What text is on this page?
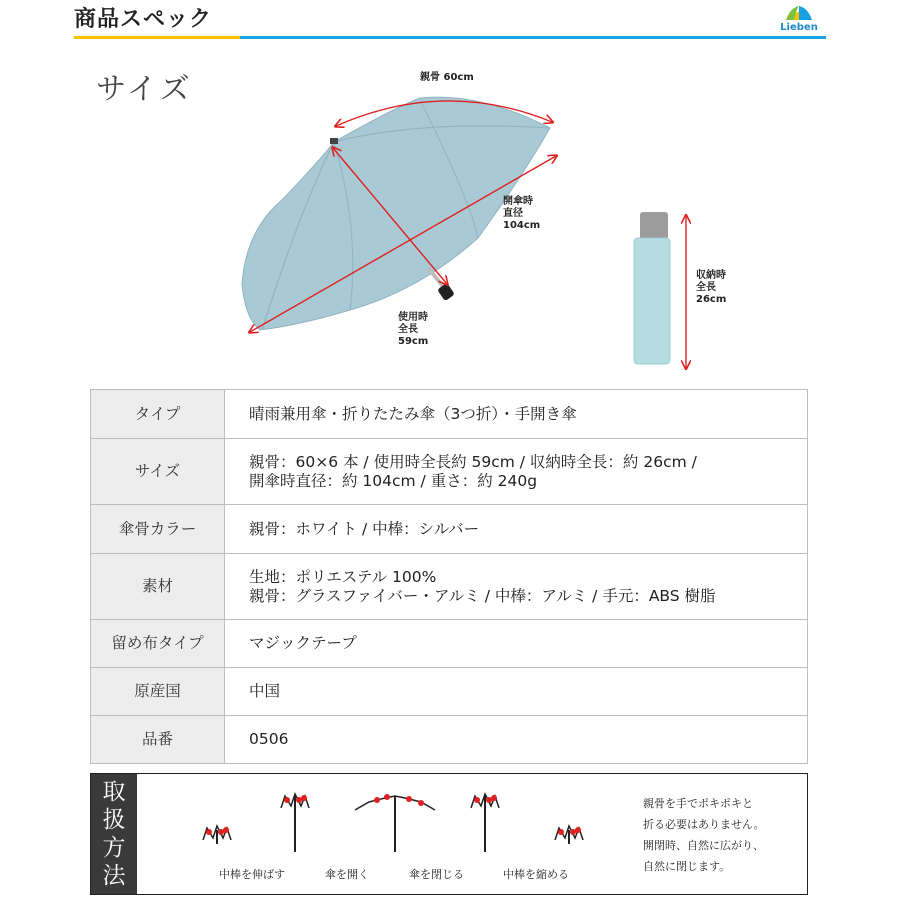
商品スペック	Lieben
サイズ	親骨 60cm
開傘時
直径
104cm
使用時
全長
59cm
収納時
全長
26cm
タイプ	晴雨兼用傘・折りたたみ傘（3つ折）・手開き傘

サイズ	親骨：60×6 本 / 使用時全長約 59cm / 収納時全長：約 26cm /
開傘時直径：約 104cm / 重さ：約 240g

傘骨カラー	親骨：ホワイト / 中棒：シルバー

素材	生地：ポリエステル 100%
親骨：グラスファイバー・アルミ / 中棒：アルミ / 手元：ABS 樹脂

留め布タイプ	マジックテープ

原産国	中国

品番	0506
取
扱
方
法	中棒を伸ばす	傘を開く	傘を閉じる	中棒を縮める
親骨を手でポキポキと
折る必要はありません。
開閉時、自然に広がり、
自然に閉じます。
